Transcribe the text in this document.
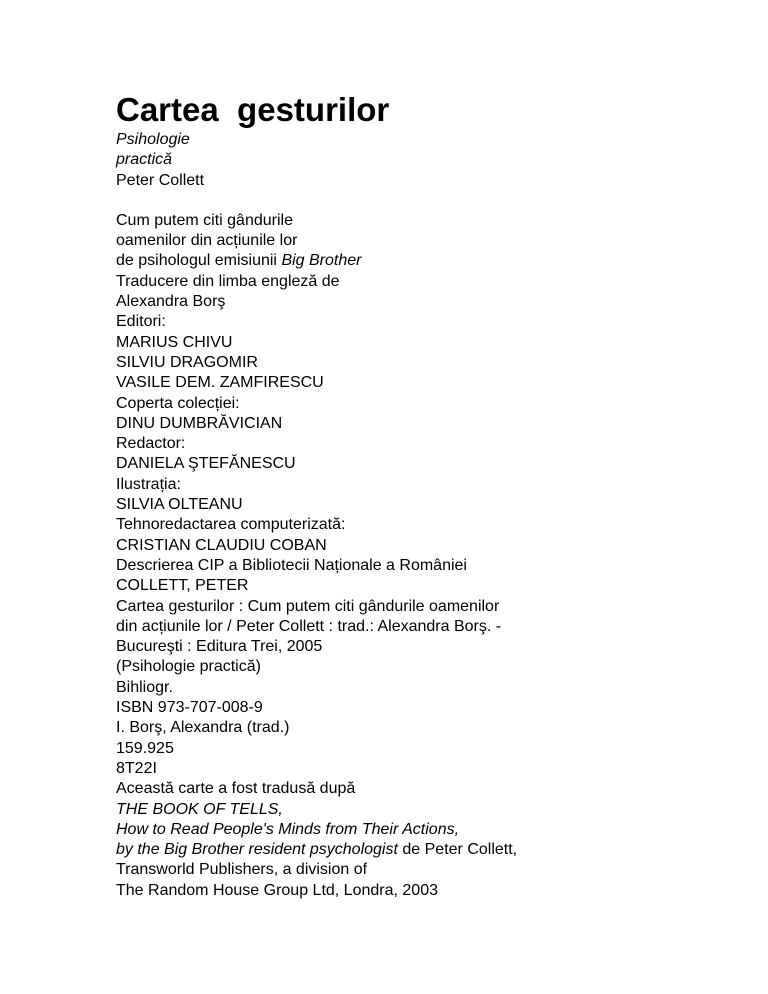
Cartea  gesturilor

Psihologie

practică

Peter Collett

Cum putem citi gândurile

oamenilor din acțiunile lor

de psihologul emisiunii Big Brother

Traducere din limba engleză de

Alexandra Borş

Editori:

MARIUS CHIVU

SILVIU DRAGOMIR

VASILE DEM. ZAMFIRESCU

Coperta colecției:

DINU DUMBRĂVICIAN

Redactor:

DANIELA ŞTEFĂNESCU

Ilustrația:

SILVIA OLTEANU

Tehnoredactarea computerizată:

CRISTIAN CLAUDIU COBAN

Descrierea CIP a Bibliotecii Naționale a României

COLLETT, PETER

Cartea gesturilor : Cum putem citi gândurile oamenilor

din acțiunile lor / Peter Collett : trad.: Alexandra Borş. -

Bucureşti : Editura Trei, 2005

(Psihologie practică)

Bihliogr.

ISBN 973-707-008-9

I. Borş, Alexandra (trad.)

159.925

8T22I

Această carte a fost tradusă după

THE BOOK OF TELLS,

How to Read People's Minds from Their Actions,

by the Big Brother resident psychologist de Peter Collett,

Transworld Publishers, a division of

The Random House Group Ltd, Londra, 2003
